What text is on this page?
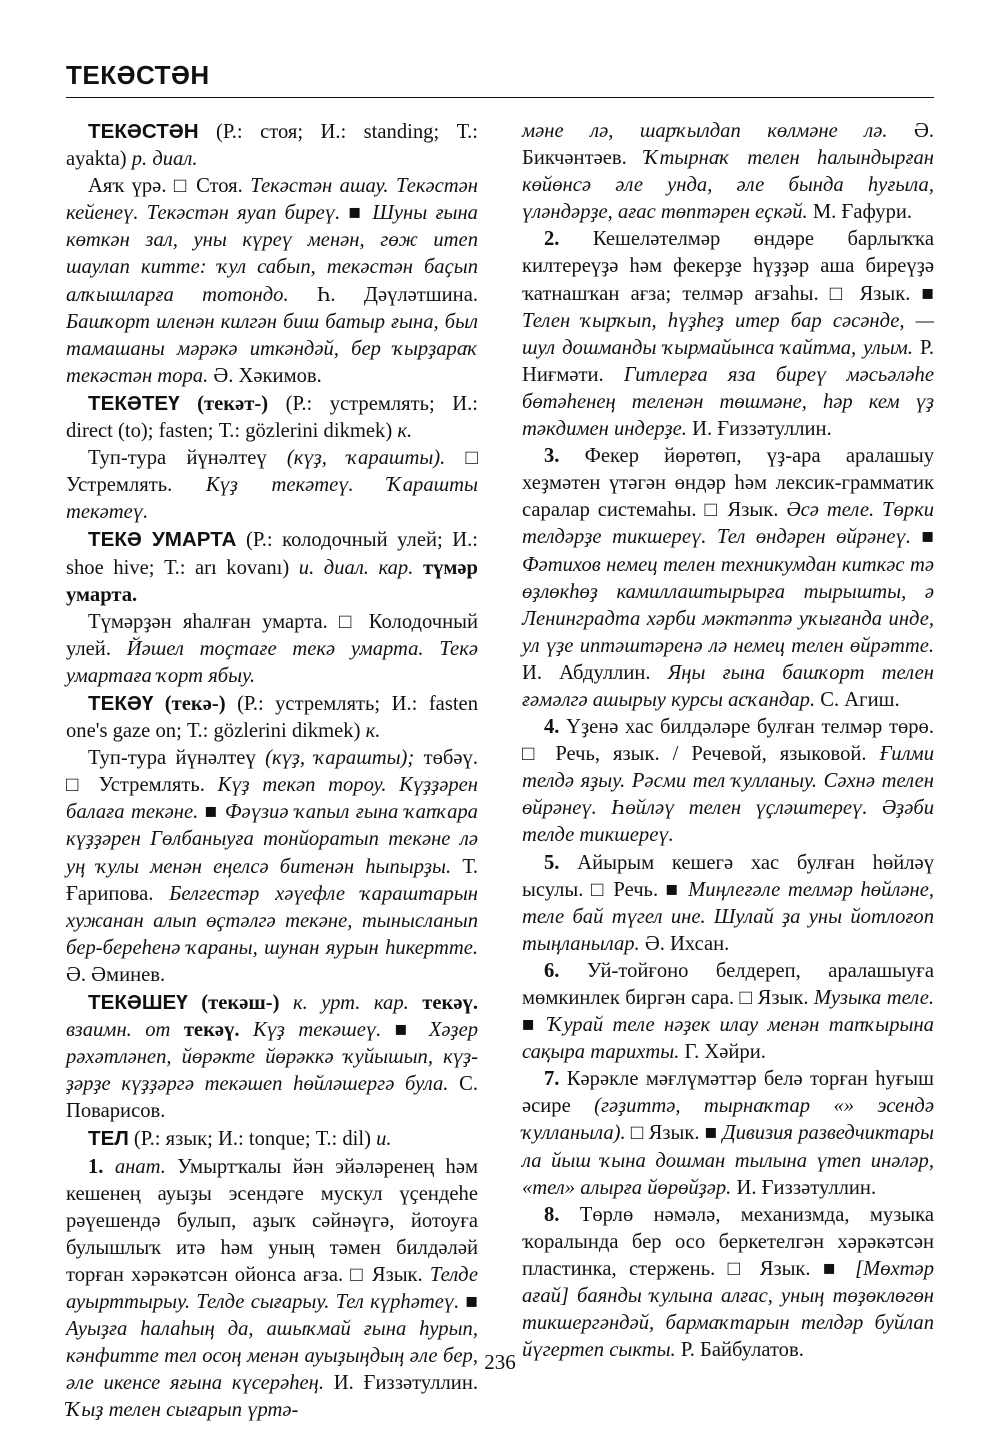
ТЕКӘСТӘН

ТЕКӘСТӘН (Р.: стоя; И.: standing; Т.: ayakta) р. диал.

Аяҡ үрә. □ Стоя. Текәстән ашау. Текәстән кейенеү. Текәстән яуап биреү. ■ Шуны ғына көткән зал, уны күреү менән, гөж итеп шаулап китте: ҡул сабып, текәстән баҫып алҡышларға тотондо. Һ. Дәүләтшина. Башҡорт иленән килгән биш батыр ғына, был тамашаны мәрәкә иткәндәй, бер ҡырҙараҡ текәстән тора. Ә. Хәкимов.

ТЕКӘТЕҮ (текәт-) (Р.: устремлять; И.: direct (to); fasten; Т.: gözlerini dikmek) к.

Туп-тура йүнәлтеү (күҙ, ҡарашты). □ Устремлять. Күҙ текәтеү. Ҡарашты текәтеү.

ТЕКӘ УМАРТА (Р.: колодочный улей; И.: shoe hive; Т.: arı kovanı) и. диал. кар. түмәр умарта.

Түмәрҙән яһалған умарта. □ Колодочный улей. Йәшел тоҫтағе текә умарта. Текә умартаға ҡорт ябыу.

ТЕКӘҮ (текә-) (Р.: устремлять; И.: fasten one's gaze on; Т.: gözlerini dikmek) к.

Туп-тура йүнәлтеү (күҙ, ҡарашты); төбәү. □ Устремлять. Күҙ текәп тороу. Күҙҙәрен балаға текәне. ■ Фәүзиә ҡапыл ғына ҡапҡара күҙҙәрен Гөлбаныуға тонйоратып текәне лә уң ҡулы менән еңелсә битенән һыпырҙы. Т. Ғарипова. Белгестәр хәүефле ҡараштарын хужанан алып өҫтәлгә текәне, тынысланып бер-береһенә ҡараны, шунан яурын һикертте. Ә. Әминев.

ТЕКӘШЕҮ (текәш-) к. урт. кар. текәү. взаимн. от текәү. Күҙ текәшеү. ■ Хәҙер рәхәтләнеп, йөрәкте йөрәккә ҡуйышып, күҙ-ҙәрҙе күҙҙәргә текәшеп һөйләшергә була. С. Поварисов.

ТЕЛ (Р.: язык; И.: tonque; Т.: dil) и.

1. анат. Умыртҡалы йән эйәләренең һәм кешенең ауыҙы эсендәге мускул үҫендеһе рәүешендә булып, аҙыҡ сәйнәүгә, йотоуға булышлыҡ итә һәм уның тәмен билдәләй торған хәрәкәтсән ойонса ағза. □ Язык. Телде ауырттырыу. Телде сығарыу. Тел күрһәтеү. ■ Ауыҙға һалаһың да, ашыҡмай ғына һурып, кәнфитте тел осоң менән ауыҙыңдың әле бер, әле икенсе яғына күсерәһең. И. Ғиззәтуллин. Ҡыҙ телен сығарып үртә-

мәне лә, шарҡылдап көлмәне лә. Ә. Бикчәнтәев. Ҡтырнаҡ телен һалындырған көйөнсә әле унда, әле бында һуғыла, үләндәрҙе, ағас төптәрен еҫкәй. М. Ғафури.

2. Кешеләтелмәр өндәре барлыҡҡа килтереүҙә һәм фекерҙе һүҙҙәр аша биреүҙә ҡатнашҡан ағза; телмәр ағзаһы. □ Язык. ■ Телен ҡырҡып, һүҙһеҙ итер бар сәсәнде, — шул дошманды ҡырмайынса ҡайтма, улым. Р. Ниғмәти. Гитлерға яза биреү мәсьәләһе бөтәһенең теленән төшмәне, һәр кем үҙ тәкдимен индерҙе. И. Ғиззәтуллин.

3. Фекер йөрөтөп, үҙ-ара аралашыу хеҙмәтен үтәгән өндәр һәм лексик-грамматик саралар системаһы. □ Язык. Әсә теле. Төрки телдәрҙе тикшереү. Тел өндәрен өйрәнеү. ■ Фәтихов немец телен техникумдан киткәс тә өҙлөкһөҙ камиллаштырырға тырышты, ә Ленинградта хәрби мәктәптә уҡығанда инде, ул үҙе иптәштәренә лә немец телен өйрәтте. И. Абдуллин. Яңы ғына башҡорт телен ғәмәлгә ашырыу курсы асҡандар. С. Агиш.

4. Үҙенә хас билдәләре булған телмәр төрө. □ Речь, язык. / Речевой, языковой. Ғилми телдә яҙыу. Рәсми тел ҡулланыу. Сәхнә телен өйрәнеү. Һөйләү телен үҫләштереү. Әҙәби телде тикшереү.

5. Айырым кешегә хас булған һөйләү ысулы. □ Речь. ■ Миңлеғәле телмәр һөйләне, теле бай түгел ине. Шулай ҙа уны йотлоғоп тыңланылар. Ә. Ихсан.

6. Уй-тойғоно белдереп, аралашыуға мөмкинлек биргән сара. □ Язык. Музыка теле. ■ Ҡурай теле нәҙек илау менән тапҡырына сақыра тарихты. Г. Хәйри.

7. Кәрәкле мәғлүмәттәр белә торған һуғыш әсире (гәҙиттә, тырнаҡтар «» эсендә ҡулланыла). □ Язык. ■ Дивизия разведчиктары ла йыш ҡына дошман тылына үтеп инәләр, «тел» алырға йөрөйҙәр. И. Ғиззәтуллин.

8. Төрлө нәмәлә, механизмда, музыка ҡоралында бер осо беркетелгән хәрәкәтсән пластинка, стержень. □ Язык. ■ [Мөхтәр ағай] баянды ҡулына алғас, уның төҙөклөгөн тикшергәндәй, бармаҡтарын телдәр буйлап йүгертеп сыкты. Р. Байбулатов.

236
